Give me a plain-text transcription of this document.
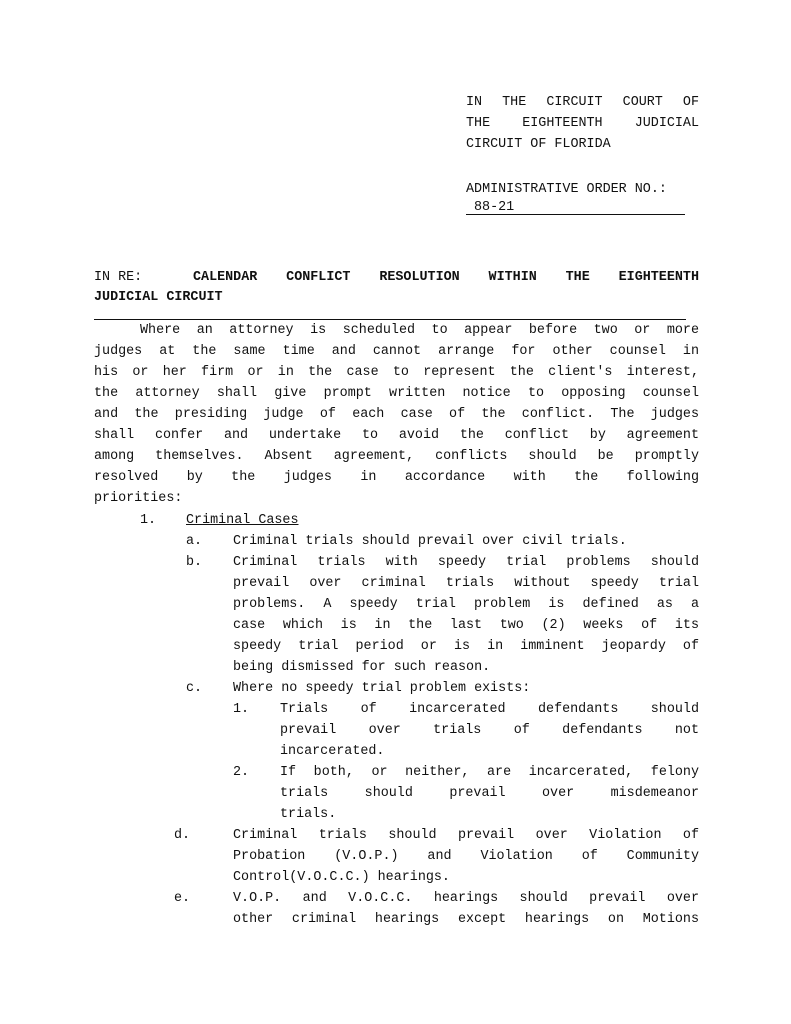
IN THE CIRCUIT COURT OF
THE EIGHTEENTH JUDICIAL
CIRCUIT OF FLORIDA
ADMINISTRATIVE ORDER NO.:
88-21
IN RE:	CALENDAR CONFLICT RESOLUTION WITHIN THE EIGHTEENTH
JUDICIAL CIRCUIT
Where an attorney is scheduled to appear before two or more
judges at the same time and cannot arrange for other counsel in
his or her firm or in the case to represent the client's interest,
the attorney shall give prompt written notice to opposing counsel
and the presiding judge of each case of the conflict. The judges
shall confer and undertake to avoid the conflict by agreement
among themselves. Absent agreement, conflicts should be promptly
resolved by the judges in accordance with the following
priorities:
1. Criminal Cases
a. Criminal trials should prevail over civil trials.
b. Criminal trials with speedy trial problems should
prevail over criminal trials without speedy trial
problems. A speedy trial problem is defined as a
case which is in the last two (2) weeks of its
speedy trial period or is in imminent jeopardy of
being dismissed for such reason.
c. Where no speedy trial problem exists:
1. Trials of incarcerated defendants should
prevail over trials of defendants not
incarcerated.
2. If both, or neither, are incarcerated, felony
trials should prevail over misdemeanor
trials.
d.	Criminal trials should prevail over Violation of
Probation (V.O.P.) and Violation of Community
Control(V.O.C.C.) hearings.
e.	V.O.P. and V.O.C.C. hearings should prevail over
other criminal hearings except hearings on Motions
